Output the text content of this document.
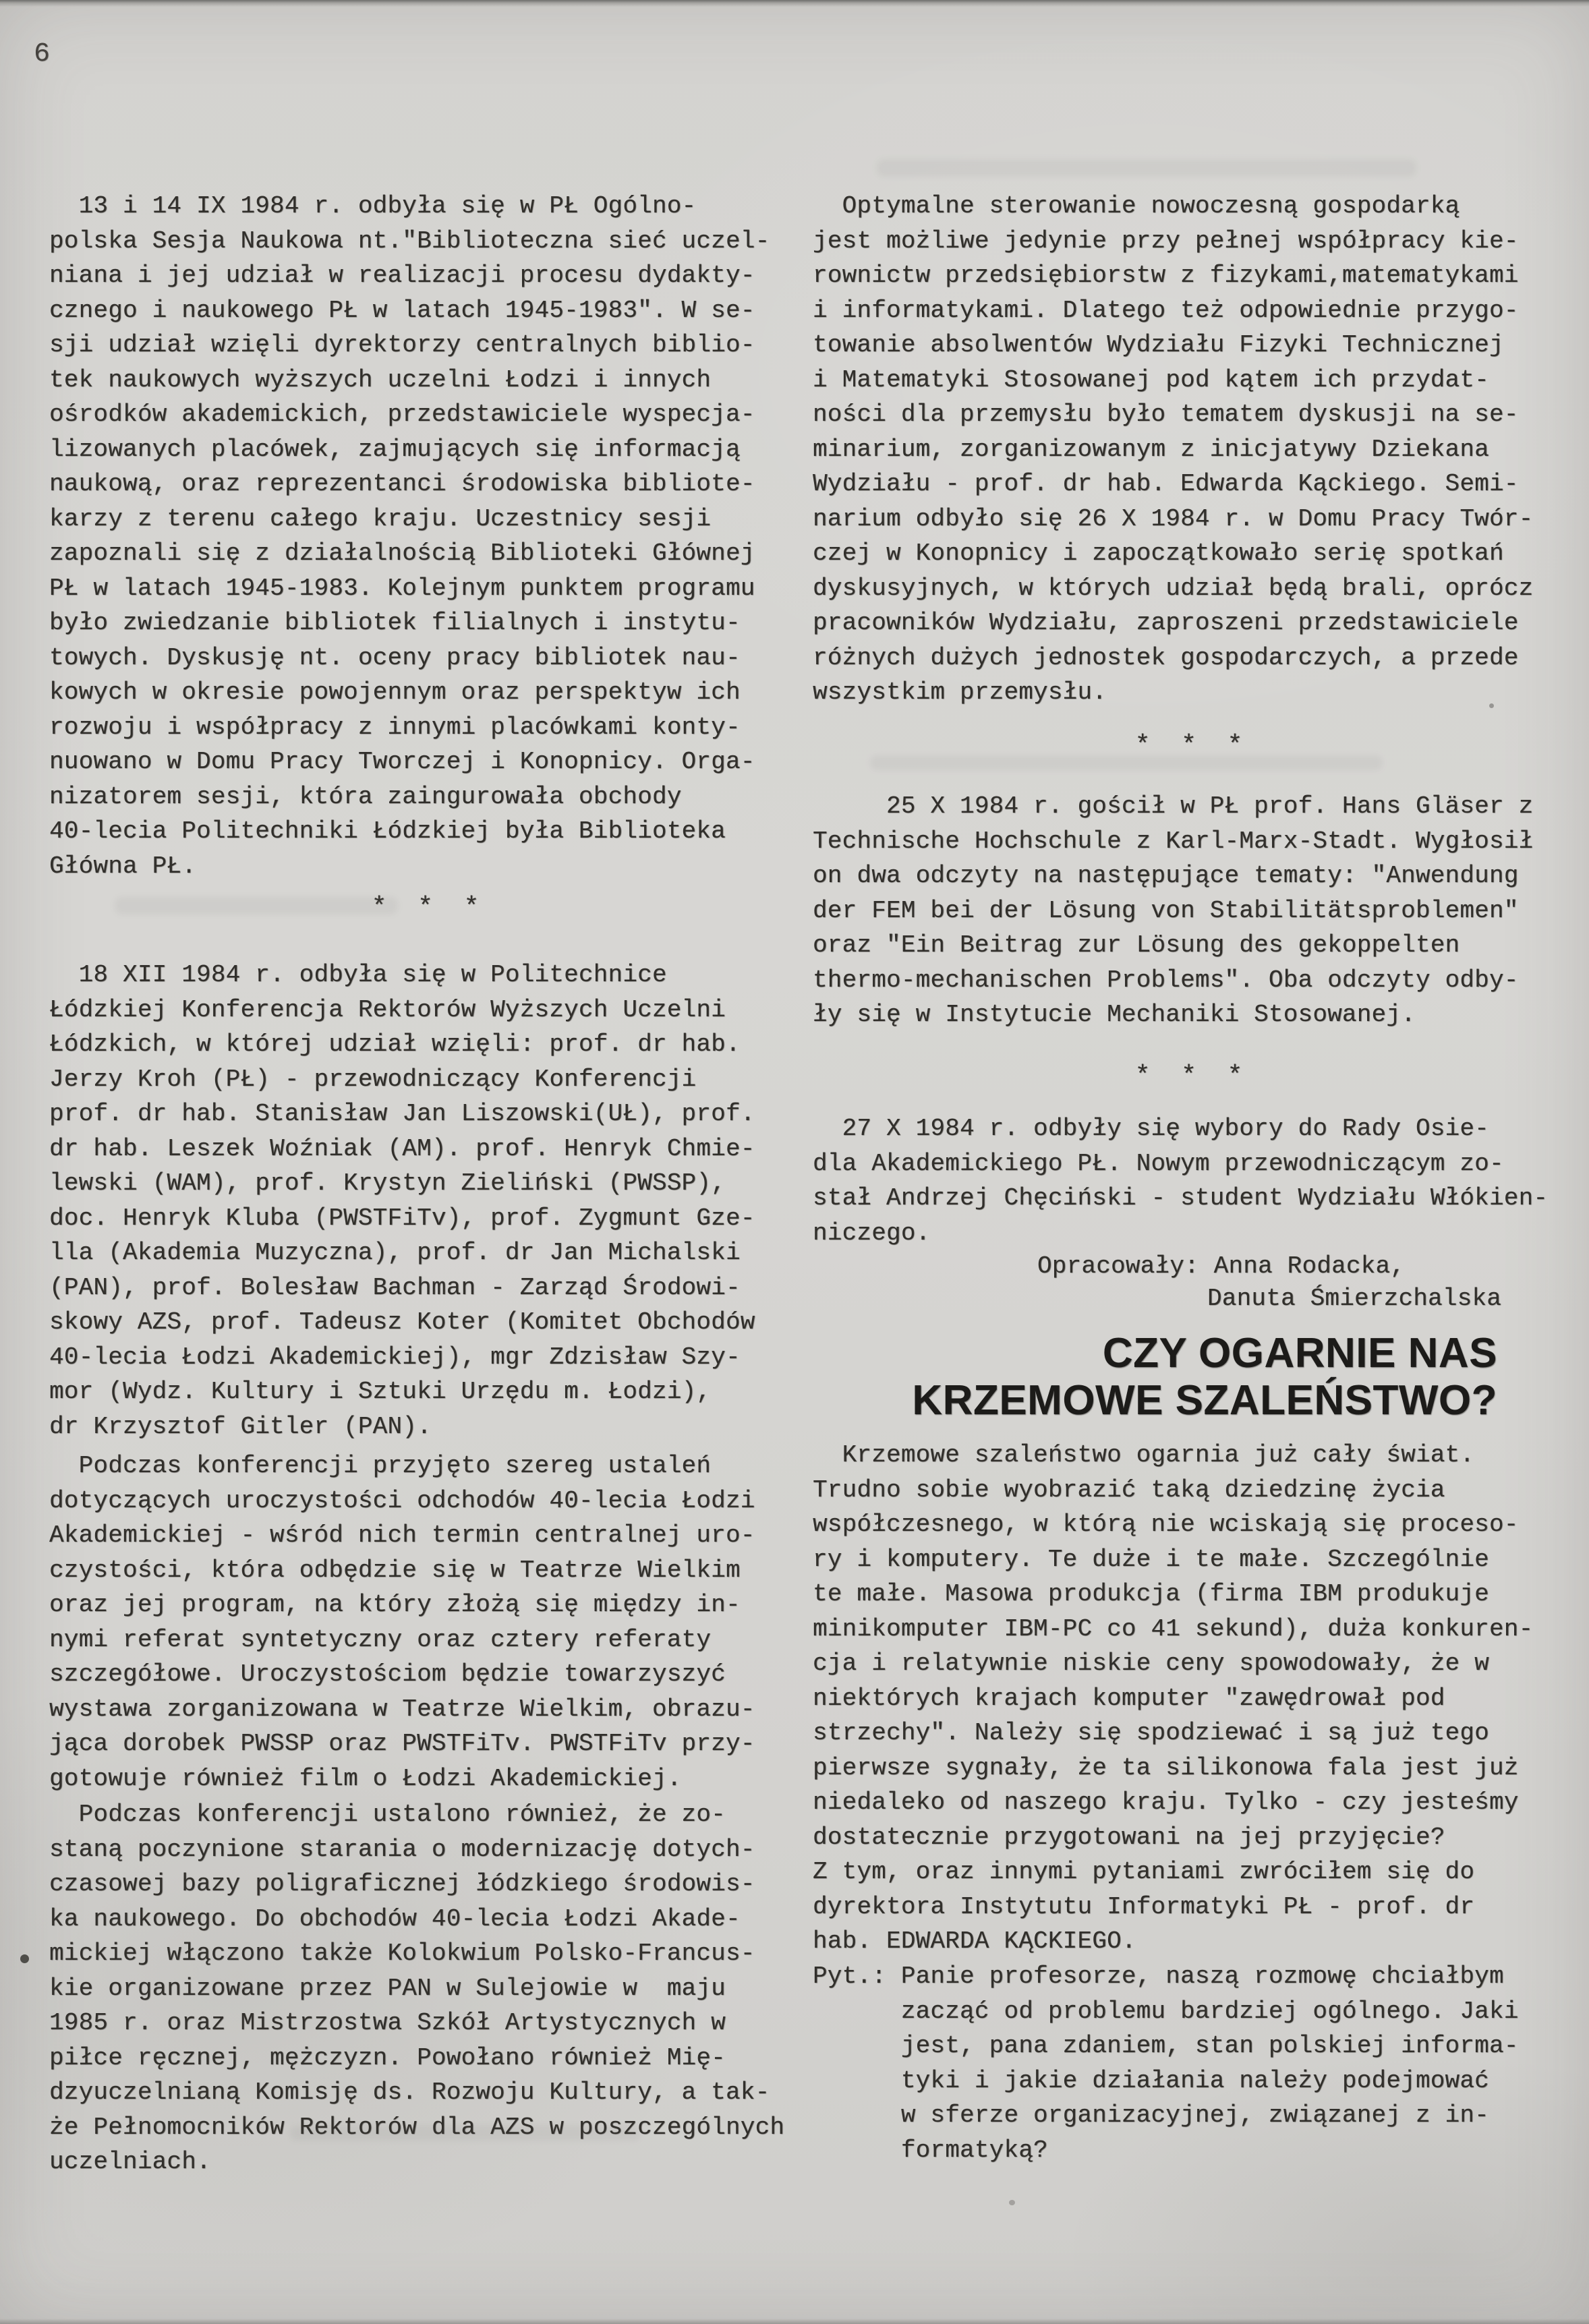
6
13 i 14 IX 1984 r. odbyła się w PŁ Ogólno-
polska Sesja Naukowa nt."Biblioteczna sieć uczel-
niana i jej udział w realizacji procesu dydakty-
cznego i naukowego PŁ w latach 1945-1983". W se-
sji udział wzięli dyrektorzy centralnych biblio-
tek naukowych wyższych uczelni Łodzi i innych
ośrodków akademickich, przedstawiciele wyspecja-
lizowanych placówek, zajmujących się informacją
naukową, oraz reprezentanci środowiska bibliote-
karzy z terenu całego kraju. Uczestnicy sesji
zapoznali się z działalnością Biblioteki Głównej
PŁ w latach 1945-1983. Kolejnym punktem programu
było zwiedzanie bibliotek filialnych i instytu-
towych. Dyskusję nt. oceny pracy bibliotek nau-
kowych w okresie powojennym oraz perspektyw ich
rozwoju i współpracy z innymi placówkami konty-
nuowano w Domu Pracy Tworczej i Konopnicy. Orga-
nizatorem sesji, która zaingurowała obchody
40-lecia Politechniki Łódzkiej była Biblioteka
Główna PŁ.
*  *  *
18 XII 1984 r. odbyła się w Politechnice
Łódzkiej Konferencja Rektorów Wyższych Uczelni
Łódzkich, w której udział wzięli: prof. dr hab.
Jerzy Kroh (PŁ) - przewodniczący Konferencji
prof. dr hab. Stanisław Jan Liszowski(UŁ), prof.
dr hab. Leszek Woźniak (AM). prof. Henryk Chmie-
lewski (WAM), prof. Krystyn Zieliński (PWSSP),
doc. Henryk Kluba (PWSTFiTv), prof. Zygmunt Gze-
lla (Akademia Muzyczna), prof. dr Jan Michalski
(PAN), prof. Bolesław Bachman - Zarząd Środowi-
skowy AZS, prof. Tadeusz Koter (Komitet Obchodów
40-lecia Łodzi Akademickiej), mgr Zdzisław Szy-
mor (Wydz. Kultury i Sztuki Urzędu m. Łodzi),
dr Krzysztof Gitler (PAN).
Podczas konferencji przyjęto szereg ustaleń
dotyczących uroczystości odchodów 40-lecia Łodzi
Akademickiej - wśród nich termin centralnej uro-
czystości, która odbędzie się w Teatrze Wielkim
oraz jej program, na który złożą się między in-
nymi referat syntetyczny oraz cztery referaty
szczegółowe. Uroczystościom będzie towarzyszyć
wystawa zorganizowana w Teatrze Wielkim, obrazu-
jąca dorobek PWSSP oraz PWSTFiTv. PWSTFiTv przy-
gotowuje również film o Łodzi Akademickiej.
Podczas konferencji ustalono również, że zo-
staną poczynione starania o modernizację dotych-
czasowej bazy poligraficznej łódzkiego środowis-
ka naukowego. Do obchodów 40-lecia Łodzi Akade-
mickiej włączono także Kolokwium Polsko-Francus-
kie organizowane przez PAN w Sulejowie w  maju
1985 r. oraz Mistrzostwa Szkół Artystycznych w
piłce ręcznej, mężczyzn. Powołano również Mię-
dzyuczelnianą Komisję ds. Rozwoju Kultury, a tak-
że Pełnomocników Rektorów dla AZS w poszczególnych
uczelniach.
Optymalne sterowanie nowoczesną gospodarką
jest możliwe jedynie przy pełnej współpracy kie-
rownictw przedsiębiorstw z fizykami,matematykami
i informatykami. Dlatego też odpowiednie przygo-
towanie absolwentów Wydziału Fizyki Technicznej
i Matematyki Stosowanej pod kątem ich przydat-
ności dla przemysłu było tematem dyskusji na se-
minarium, zorganizowanym z inicjatywy Dziekana
Wydziału - prof. dr hab. Edwarda Kąckiego. Semi-
narium odbyło się 26 X 1984 r. w Domu Pracy Twór-
czej w Konopnicy i zapoczątkowało serię spotkań
dyskusyjnych, w których udział będą brali, oprócz
pracowników Wydziału, zaproszeni przedstawiciele
różnych dużych jednostek gospodarczych, a przede
wszystkim przemysłu.
*  *  *
25 X 1984 r. gościł w PŁ prof. Hans Gläser z
Technische Hochschule z Karl-Marx-Stadt. Wygłosił
on dwa odczyty na następujące tematy: "Anwendung
der FEM bei der Lösung von Stabilitätsproblemen"
oraz "Ein Beitrag zur Lösung des gekoppelten
thermo-mechanischen Problems". Oba odczyty odby-
ły się w Instytucie Mechaniki Stosowanej.
*  *  *
27 X 1984 r. odbyły się wybory do Rady Osie-
dla Akademickiego PŁ. Nowym przewodniczącym zo-
stał Andrzej Chęciński - student Wydziału Włókien-
niczego.
Opracowały: Anna Rodacka,
Danuta Śmierzchalska
CZY OGARNIE NAS
KRZEMOWE SZALEŃSTWO?
Krzemowe szaleństwo ogarnia już cały świat.
Trudno sobie wyobrazić taką dziedzinę życia
współczesnego, w którą nie wciskają się proceso-
ry i komputery. Te duże i te małe. Szczególnie
te małe. Masowa produkcja (firma IBM produkuje
minikomputer IBM-PC co 41 sekund), duża konkuren-
cja i relatywnie niskie ceny spowodowały, że w
niektórych krajach komputer "zawędrował pod
strzechy". Należy się spodziewać i są już tego
pierwsze sygnały, że ta silikonowa fala jest już
niedaleko od naszego kraju. Tylko - czy jesteśmy
dostatecznie przygotowani na jej przyjęcie?
Z tym, oraz innymi pytaniami zwróciłem się do
dyrektora Instytutu Informatyki PŁ - prof. dr
hab. EDWARDA KĄCKIEGO.
Pyt.: Panie profesorze, naszą rozmowę chciałbym
zacząć od problemu bardziej ogólnego. Jaki
jest, pana zdaniem, stan polskiej informa-
tyki i jakie działania należy podejmować
w sferze organizacyjnej, związanej z in-
formatyką?
